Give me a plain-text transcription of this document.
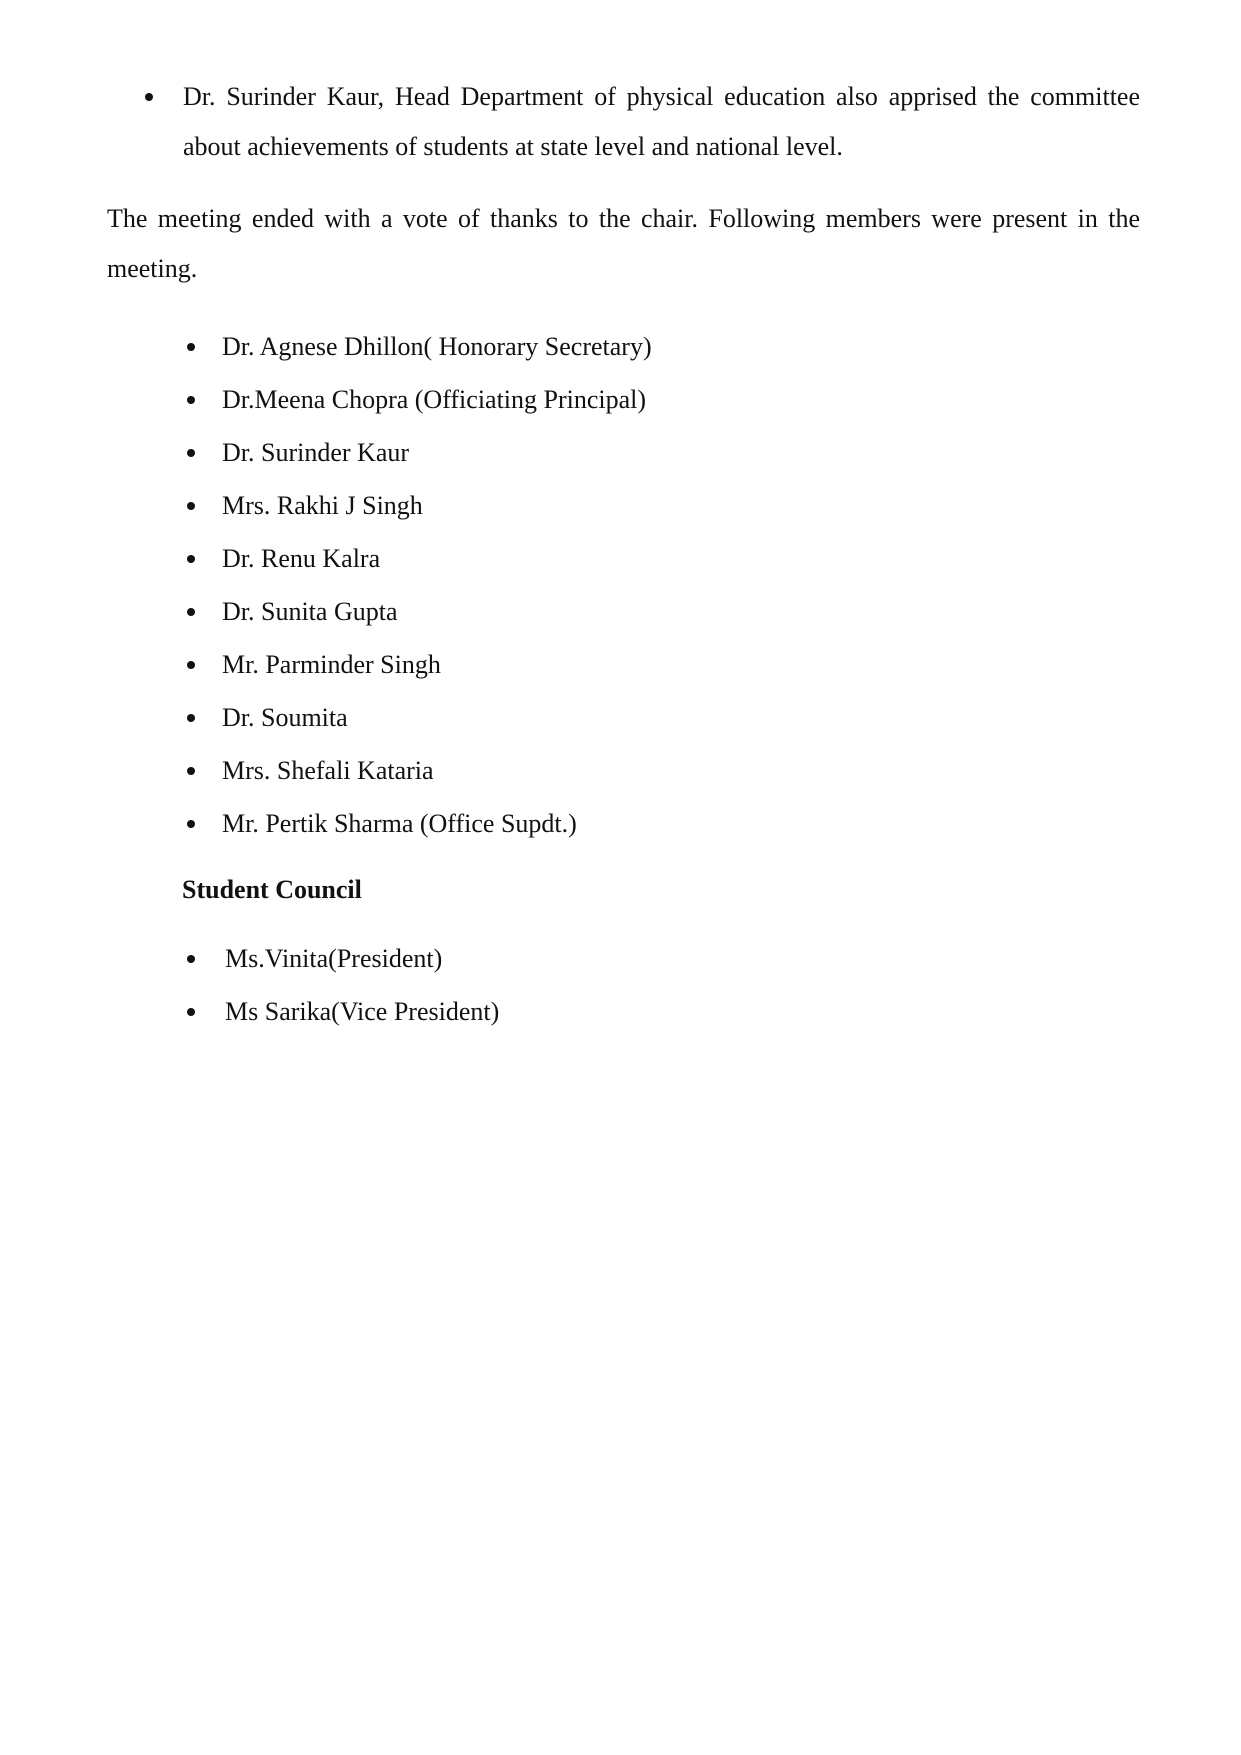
Dr. Surinder Kaur, Head Department of physical education also apprised the committee about achievements of students at state level and national level.
The meeting ended with a vote of thanks to the chair. Following members were present in the meeting.
Dr. Agnese Dhillon( Honorary Secretary)
Dr.Meena Chopra (Officiating Principal)
Dr. Surinder Kaur
Mrs. Rakhi J Singh
Dr. Renu Kalra
Dr. Sunita Gupta
Mr. Parminder Singh
Dr. Soumita
Mrs. Shefali Kataria
Mr. Pertik Sharma (Office Supdt.)
Student Council
Ms.Vinita(President)
Ms Sarika(Vice President)
